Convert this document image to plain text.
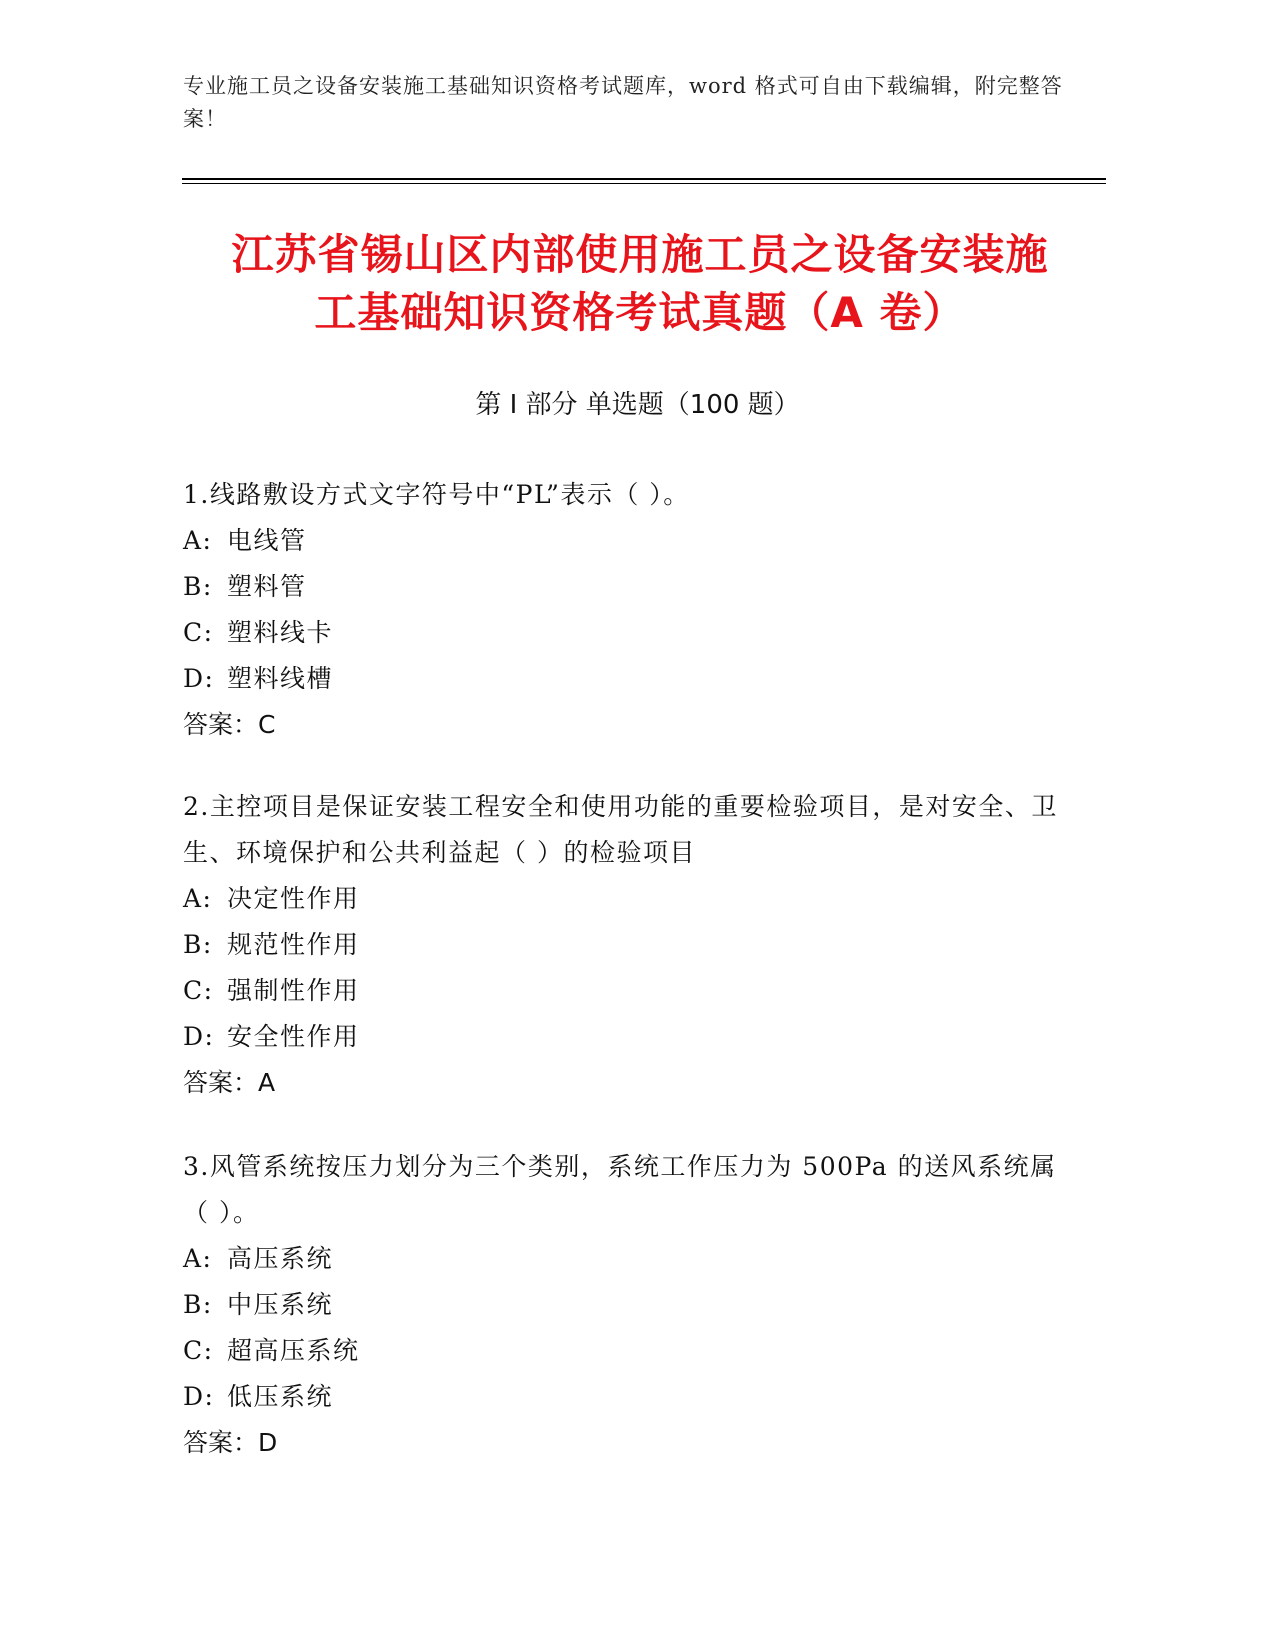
专业施工员之设备安装施工基础知识资格考试题库，word 格式可自由下载编辑，附完整答案！
江苏省锡山区内部使用施工员之设备安装施
工基础知识资格考试真题（A 卷）
第 I 部分 单选题（100 题）

1.线路敷设方式文字符号中“PL”表示（ ）。

A: 电线管

B: 塑料管

C: 塑料线卡

D: 塑料线槽

答案：C

2.主控项目是保证安装工程安全和使用功能的重要检验项目，是对安全、卫生、环境保护和公共利益起（ ）的检验项目

A: 决定性作用

B: 规范性作用

C: 强制性作用

D: 安全性作用

答案：A

3.风管系统按压力划分为三个类别，系统工作压力为 500Pa 的送风系统属（ ）。

A: 高压系统

B: 中压系统

C: 超高压系统

D: 低压系统

答案：D
